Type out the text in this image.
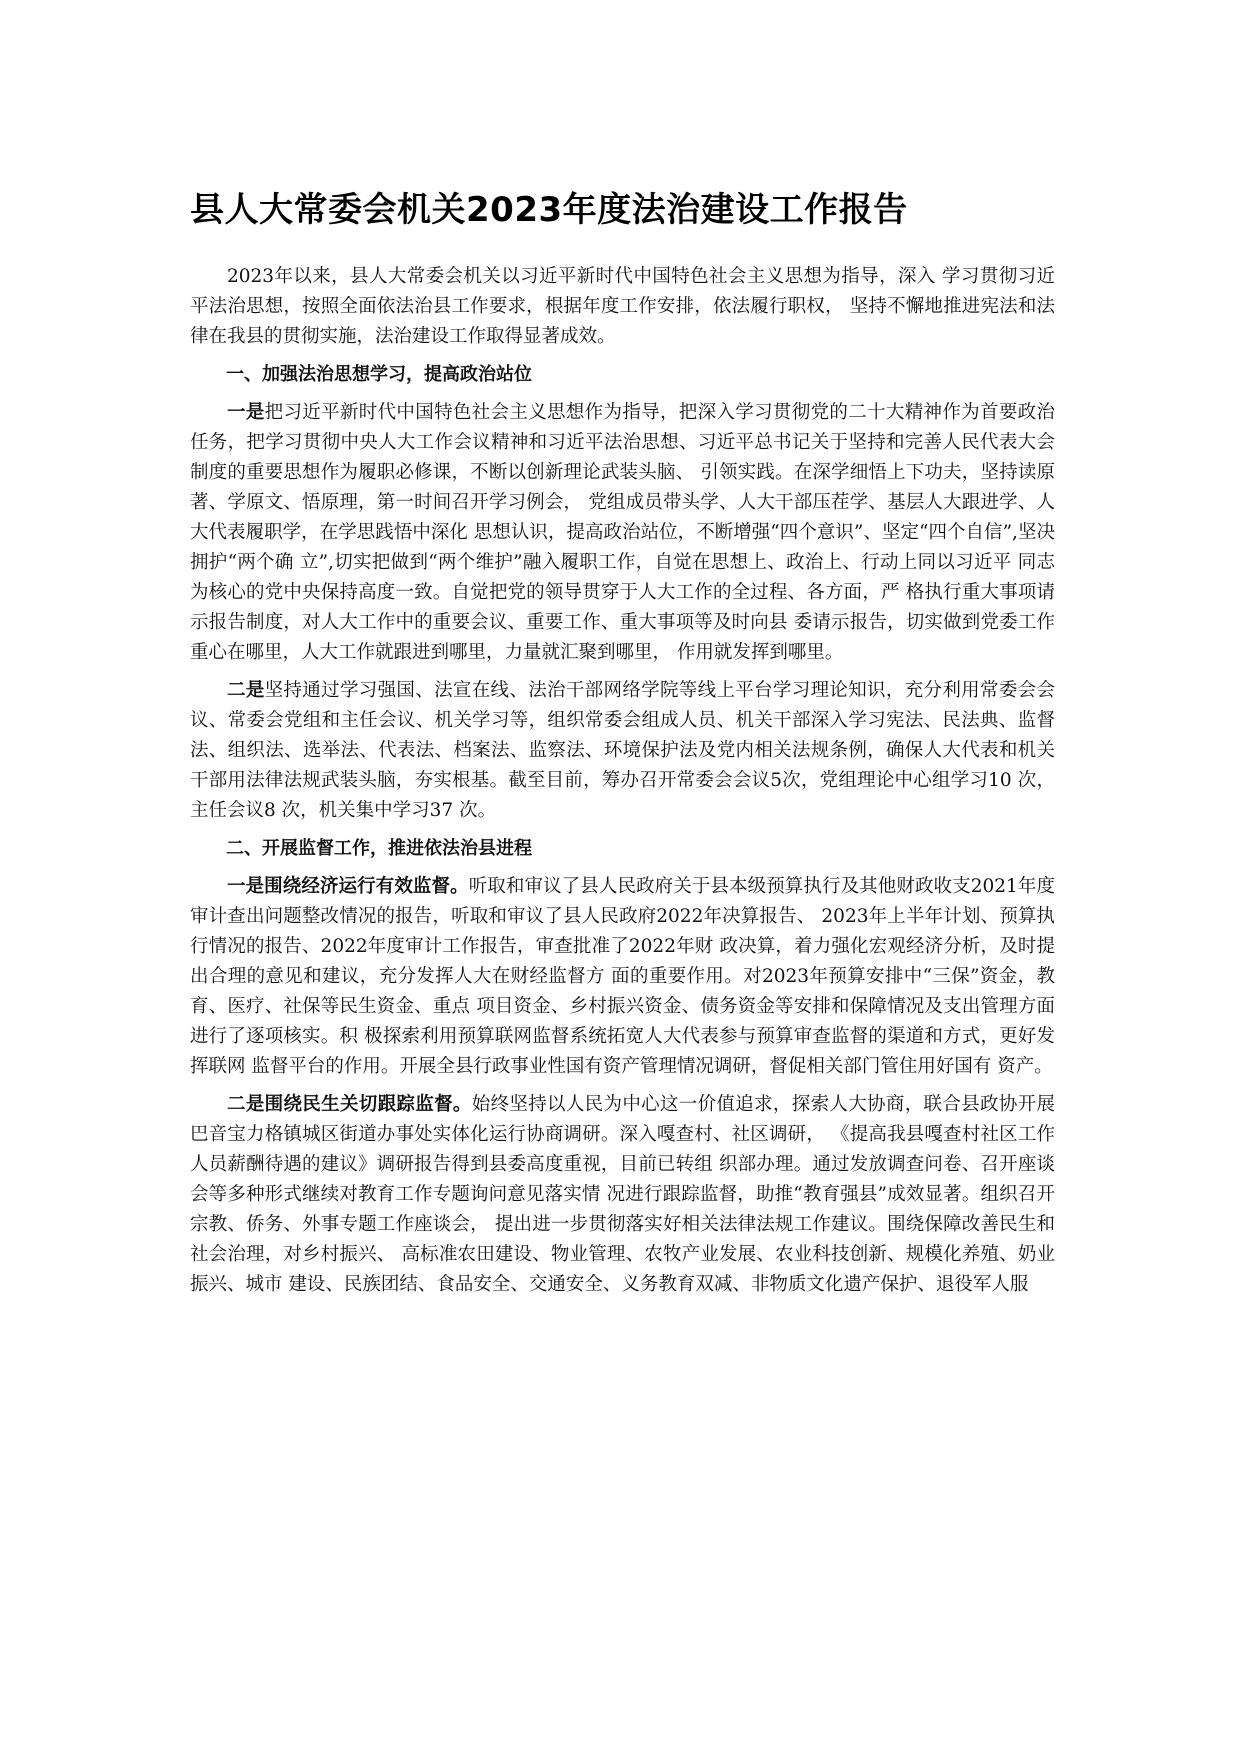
县人大常委会机关2023年度法治建设工作报告

2023年以来，县人大常委会机关以习近平新时代中国特色社会主义思想为指导，深入 学习贯彻习近平法治思想，按照全面依法治县工作要求，根据年度工作安排，依法履行职权， 坚持不懈地推进宪法和法律在我县的贯彻实施，法治建设工作取得显著成效。

一、加强法治思想学习，提高政治站位

一是把习近平新时代中国特色社会主义思想作为指导，把深入学习贯彻党的二十大精神作为首要政治任务，把学习贯彻中央人大工作会议精神和习近平法治思想、习近平总书记关于坚持和完善人民代表大会制度的重要思想作为履职必修课，不断以创新理论武装头脑、 引领实践。在深学细悟上下功夫，坚持读原著、学原文、悟原理，第一时间召开学习例会， 党组成员带头学、人大干部压茬学、基层人大跟进学、人大代表履职学，在学思践悟中深化 思想认识，提高政治站位，不断增强“四个意识”、坚定“四个自信”,坚决拥护“两个确 立”,切实把做到“两个维护”融入履职工作，自觉在思想上、政治上、行动上同以习近平 同志为核心的党中央保持高度一致。自觉把党的领导贯穿于人大工作的全过程、各方面，严 格执行重大事项请示报告制度，对人大工作中的重要会议、重要工作、重大事项等及时向县 委请示报告，切实做到党委工作重心在哪里，人大工作就跟进到哪里，力量就汇聚到哪里， 作用就发挥到哪里。

二是坚持通过学习强国、法宣在线、法治干部网络学院等线上平台学习理论知识，充分利用常委会会议、常委会党组和主任会议、机关学习等，组织常委会组成人员、机关干部深入学习宪法、民法典、监督法、组织法、选举法、代表法、档案法、监察法、环境保护法及党内相关法规条例，确保人大代表和机关干部用法律法规武装头脑，夯实根基。截至目前，筹办召开常委会会议5次，党组理论中心组学习10 次，主任会议8 次，机关集中学习37 次。

二、开展监督工作，推进依法治县进程

一是围绕经济运行有效监督。听取和审议了县人民政府关于县本级预算执行及其他财政收支2021年度审计查出问题整改情况的报告，听取和审议了县人民政府2022年决算报告、 2023年上半年计划、预算执行情况的报告、2022年度审计工作报告，审查批准了2022年财 政决算，着力强化宏观经济分析，及时提出合理的意见和建议，充分发挥人大在财经监督方 面的重要作用。对2023年预算安排中“三保”资金，教育、医疗、社保等民生资金、重点 项目资金、乡村振兴资金、债务资金等安排和保障情况及支出管理方面进行了逐项核实。积 极探索利用预算联网监督系统拓宽人大代表参与预算审查监督的渠道和方式，更好发挥联网 监督平台的作用。开展全县行政事业性国有资产管理情况调研，督促相关部门管住用好国有 资产。

二是围绕民生关切跟踪监督。始终坚持以人民为中心这一价值追求，探索人大协商，联合县政协开展巴音宝力格镇城区街道办事处实体化运行协商调研。深入嘎查村、社区调研， 《提高我县嘎查村社区工作人员薪酬待遇的建议》调研报告得到县委高度重视，目前已转组 织部办理。通过发放调查问卷、召开座谈会等多种形式继续对教育工作专题询问意见落实情 况进行跟踪监督，助推“教育强县”成效显著。组织召开宗教、侨务、外事专题工作座谈会， 提出进一步贯彻落实好相关法律法规工作建议。围绕保障改善民生和社会治理，对乡村振兴、 高标准农田建设、物业管理、农牧产业发展、农业科技创新、规模化养殖、奶业振兴、城市 建设、民族团结、食品安全、交通安全、义务教育双减、非物质文化遗产保护、退役军人服
